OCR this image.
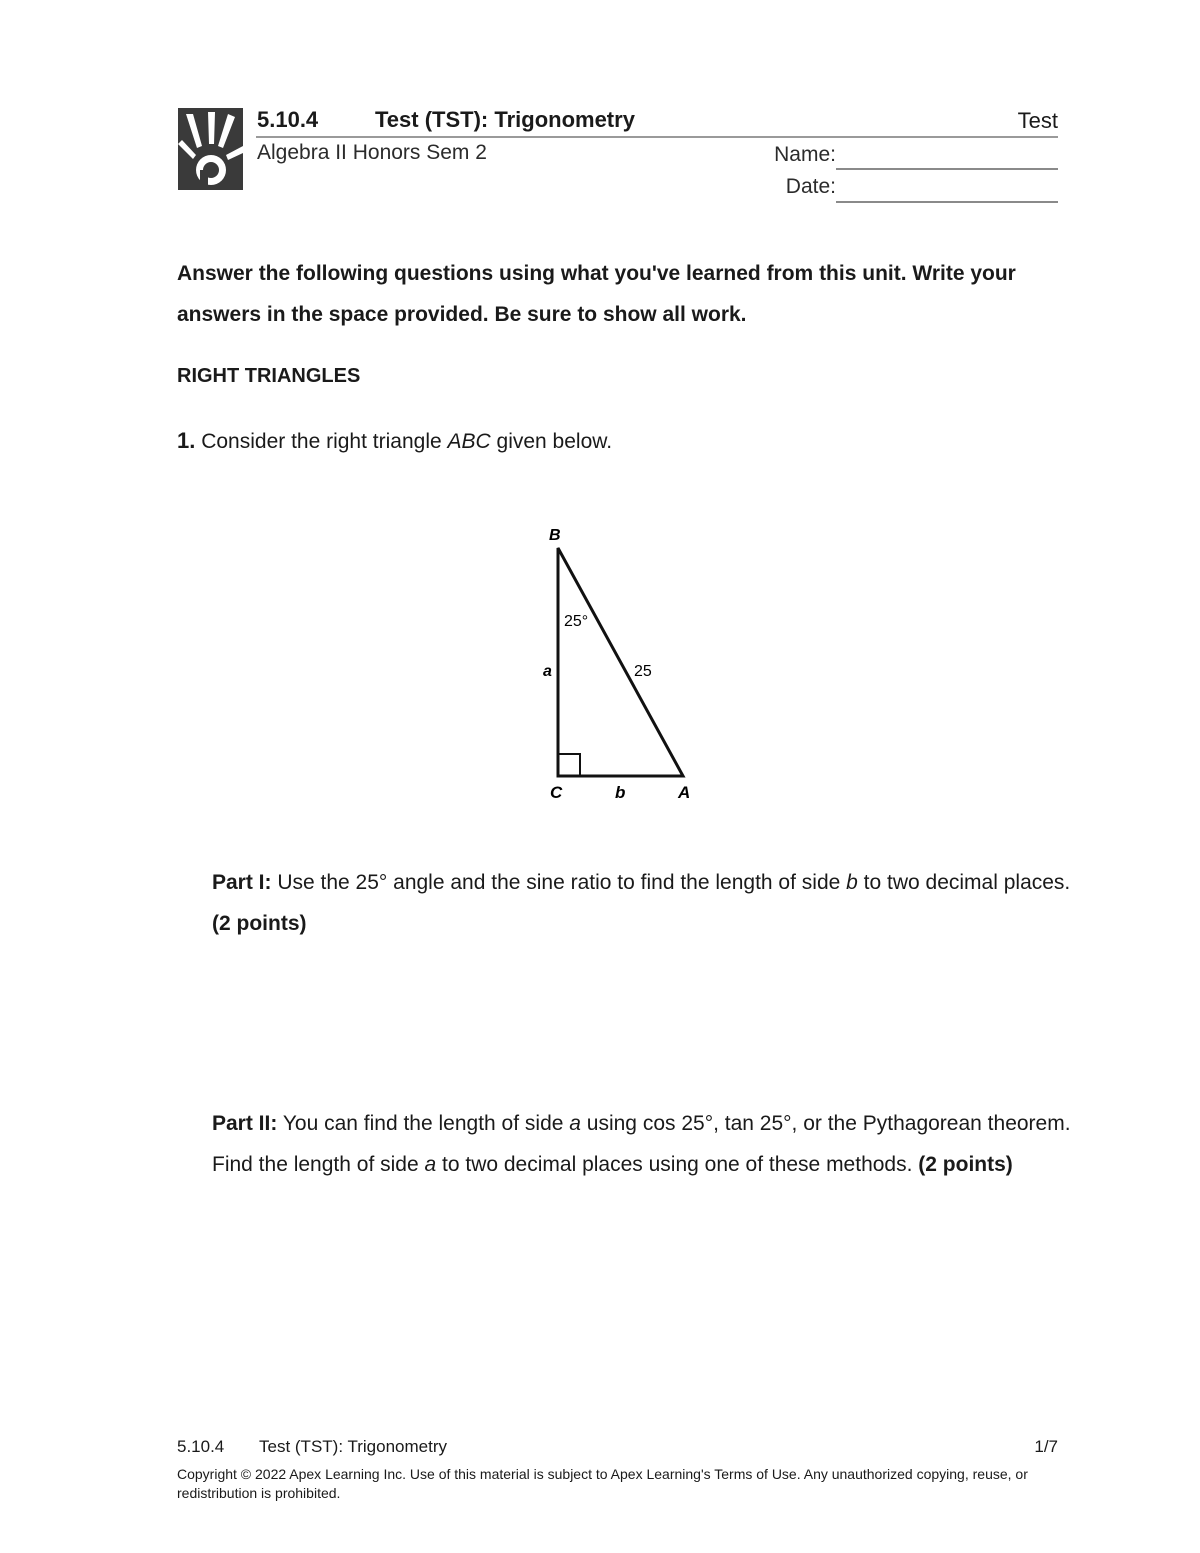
5.10.4	Test (TST): Trigonometry	Test
Algebra II Honors Sem 2	Name:
Date:
Answer the following questions using what you've learned from this unit. Write your answers in the space provided. Be sure to show all work.
RIGHT TRIANGLES
1. Consider the right triangle ABC given below.
B
C	A
25°
a
b
25
Part I: Use the 25° angle and the sine ratio to find the length of side b to two decimal places. (2 points)
Part II: You can find the length of side a using cos 25°, tan 25°, or the Pythagorean theorem. Find the length of side a to two decimal places using one of these methods. (2 points)
5.10.4 Test (TST): Trigonometry	1/7
Copyright © 2022 Apex Learning Inc. Use of this material is subject to Apex Learning's Terms of Use. Any unauthorized copying, reuse, or redistribution is prohibited.
